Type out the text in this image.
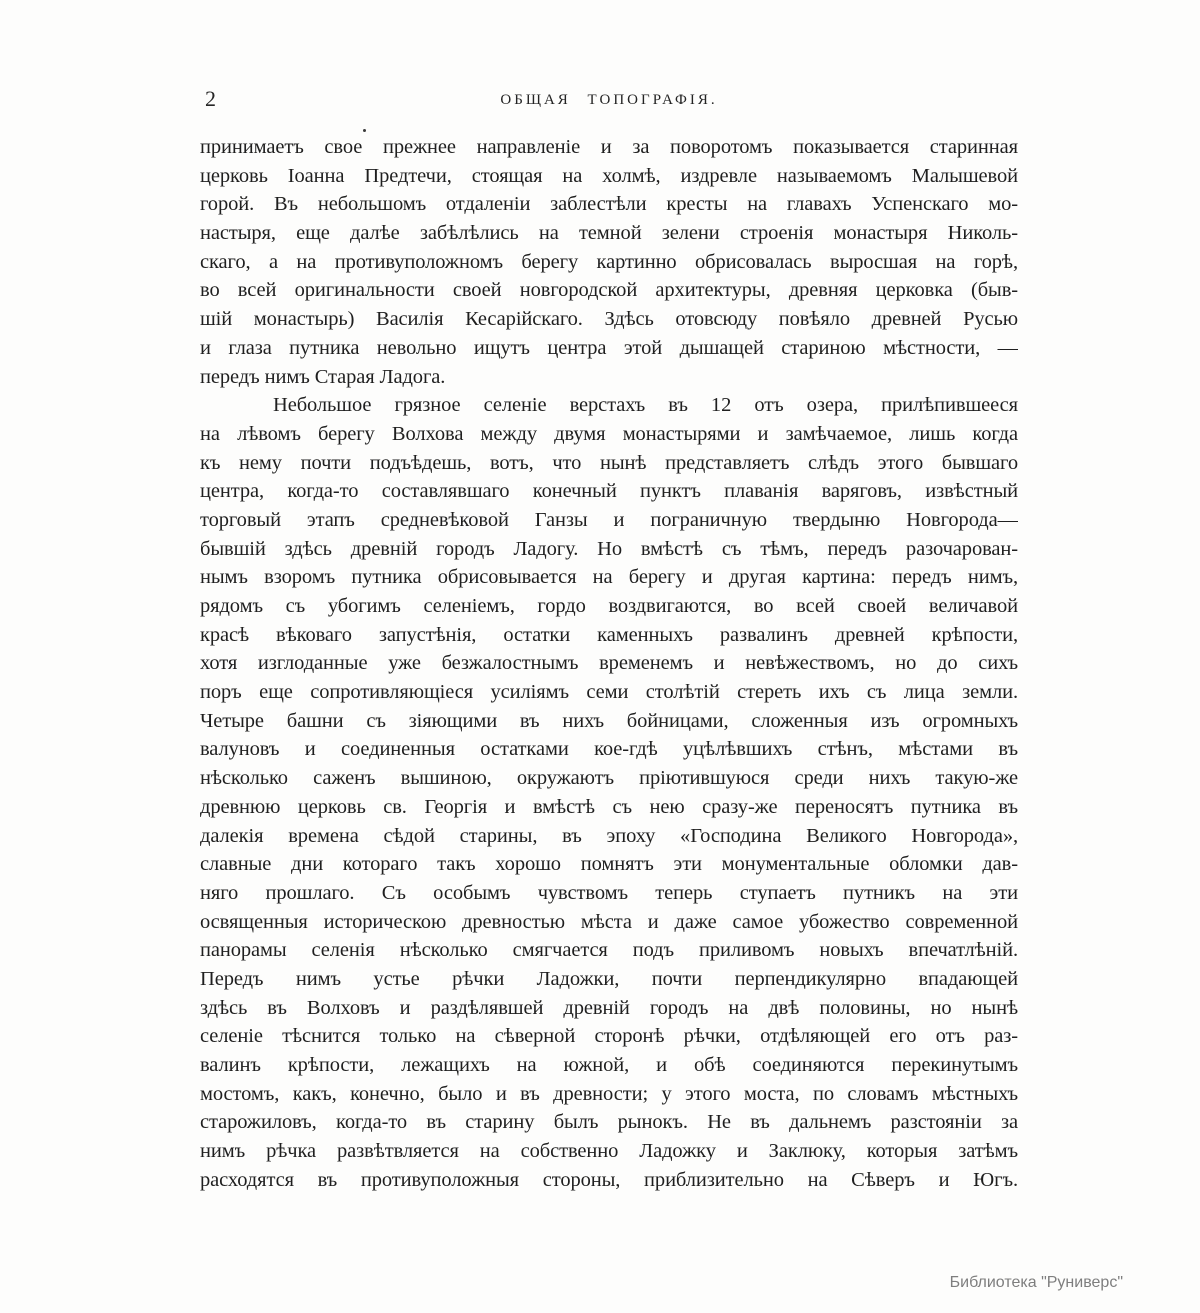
2	ОБЩАЯ ТОПОГРАФІЯ.
принимаетъ свое прежнее направленіе и за поворотомъ показывается старинная
церковь Іоанна Предтечи, стоящая на холмѣ, издревле называемомъ Малышевой
горой. Въ небольшомъ отдаленіи заблестѣли кресты на главахъ Успенскаго мо-
настыря, еще далѣе забѣлѣлись на темной зелени строенія монастыря Николь-
скаго, а на противуположномъ берегу картинно обрисовалась выросшая на горѣ,
во всей оригинальности своей новгородской архитектуры, древняя церковка (быв-
шій монастырь) Василія Кесарійскаго. Здѣсь отовсюду повѣяло древней Русью
и глаза путника невольно ищутъ центра этой дышащей стариною мѣстности, —
передъ нимъ Старая Ладога.
Небольшое грязное селеніе верстахъ въ 12 отъ озера, прилѣпившееся
на лѣвомъ берегу Волхова между двумя монастырями и замѣчаемое, лишь когда
къ нему почти подъѣдешь, вотъ, что нынѣ представляетъ слѣдъ этого бывшаго
центра, когда-то составлявшаго конечный пунктъ плаванія варяговъ, извѣстный
торговый этапъ средневѣковой Ганзы и пограничную твердыню Новгорода—
бывшій здѣсь древній городъ Ладогу. Но вмѣстѣ съ тѣмъ, передъ разочарован-
нымъ взоромъ путника обрисовывается на берегу и другая картина: передъ нимъ,
рядомъ съ убогимъ селеніемъ, гордо воздвигаются, во всей своей величавой
красѣ вѣковаго запустѣнія, остатки каменныхъ развалинъ древней крѣпости,
хотя изглоданные уже безжалостнымъ временемъ и невѣжествомъ, но до сихъ
поръ еще сопротивляющіеся усиліямъ семи столѣтій стереть ихъ съ лица земли.
Четыре башни съ зіяющими въ нихъ бойницами, сложенныя изъ огромныхъ
валуновъ и соединенныя остатками кое-гдѣ уцѣлѣвшихъ стѣнъ, мѣстами въ
нѣсколько саженъ вышиною, окружаютъ пріютившуюся среди нихъ такую-же
древнюю церковь св. Георгія и вмѣстѣ съ нею сразу-же переносятъ путника въ
далекія времена сѣдой старины, въ эпоху «Господина Великого Новгорода»,
славные дни котораго такъ хорошо помнятъ эти монументальные обломки дав-
няго прошлаго. Съ особымъ чувствомъ теперь ступаетъ путникъ на эти
освященныя историческою древностью мѣста и даже самое убожество современной
панорамы селенія нѣсколько смягчается подъ приливомъ новыхъ впечатлѣній.
Передъ нимъ устье рѣчки Ладожки, почти перпендикулярно впадающей
здѣсь въ Волховъ и раздѣлявшей древній городъ на двѣ половины, но нынѣ
селеніе тѣснится только на сѣверной сторонѣ рѣчки, отдѣляющей его отъ раз-
валинъ крѣпости, лежащихъ на южной, и обѣ соединяются перекинутымъ
мостомъ, какъ, конечно, было и въ древности; у этого моста, по словамъ мѣстныхъ
старожиловъ, когда-то въ старину былъ рынокъ. Не въ дальнемъ разстояніи за
нимъ рѣчка развѣтвляется на собственно Ладожку и Заклюку, которыя затѣмъ
расходятся въ противуположныя стороны, приблизительно на Сѣверъ и Югъ.
Библиотека "Руниверс"
